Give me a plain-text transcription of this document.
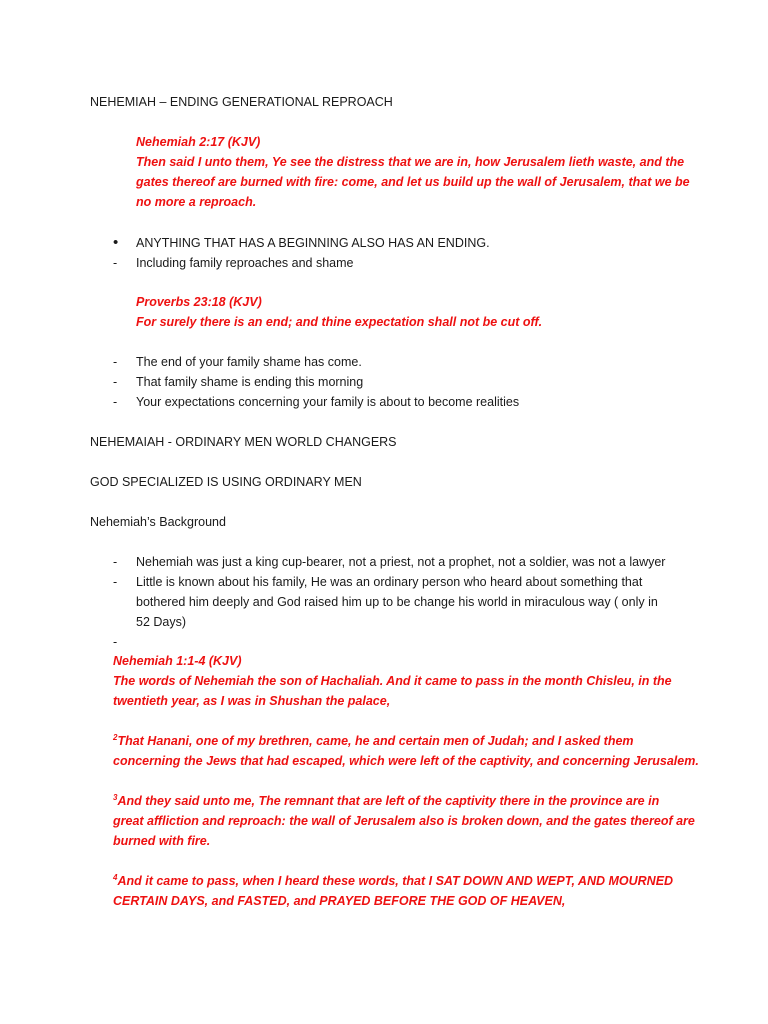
NEHEMIAH – ENDING GENERATIONAL REPROACH
Nehemiah 2:17 (KJV)
Then said I unto them, Ye see the distress that we are in, how Jerusalem lieth waste, and the
gates thereof are burned with fire: come, and let us build up the wall of Jerusalem, that we be
no more a reproach.
•	ANYTHING THAT HAS A BEGINNING ALSO HAS AN ENDING.
-	Including family reproaches and shame
Proverbs 23:18 (KJV)
For surely there is an end; and thine expectation shall not be cut off.
-	The end of your family shame has come.
-	That family shame is ending this morning
-	Your expectations concerning your family is about to become realities
NEHEMAIAH - ORDINARY MEN WORLD CHANGERS
GOD SPECIALIZED IS USING ORDINARY MEN
Nehemiah’s Background
-	Nehemiah was just a king cup-bearer, not a priest, not a prophet, not a soldier, was not a lawyer
-	Little is known about his family, He was an ordinary person who heard about something that
bothered him deeply and God raised him up to be change his world in miraculous way ( only in
52 Days)
-
Nehemiah 1:1-4 (KJV)
The words of Nehemiah the son of Hachaliah. And it came to pass in the month Chisleu, in the
twentieth year, as I was in Shushan the palace,
$^2$That Hanani, one of my brethren, came, he and certain men of Judah; and I asked them
concerning the Jews that had escaped, which were left of the captivity, and concerning Jerusalem.
$^3$And they said unto me, The remnant that are left of the captivity there in the province are in
great affliction and reproach: the wall of Jerusalem also is broken down, and the gates thereof are
burned with fire.
$^4$And it came to pass, when I heard these words, that I SAT DOWN AND WEPT, AND MOURNED
CERTAIN DAYS, and FASTED, and PRAYED BEFORE THE GOD OF HEAVEN,
